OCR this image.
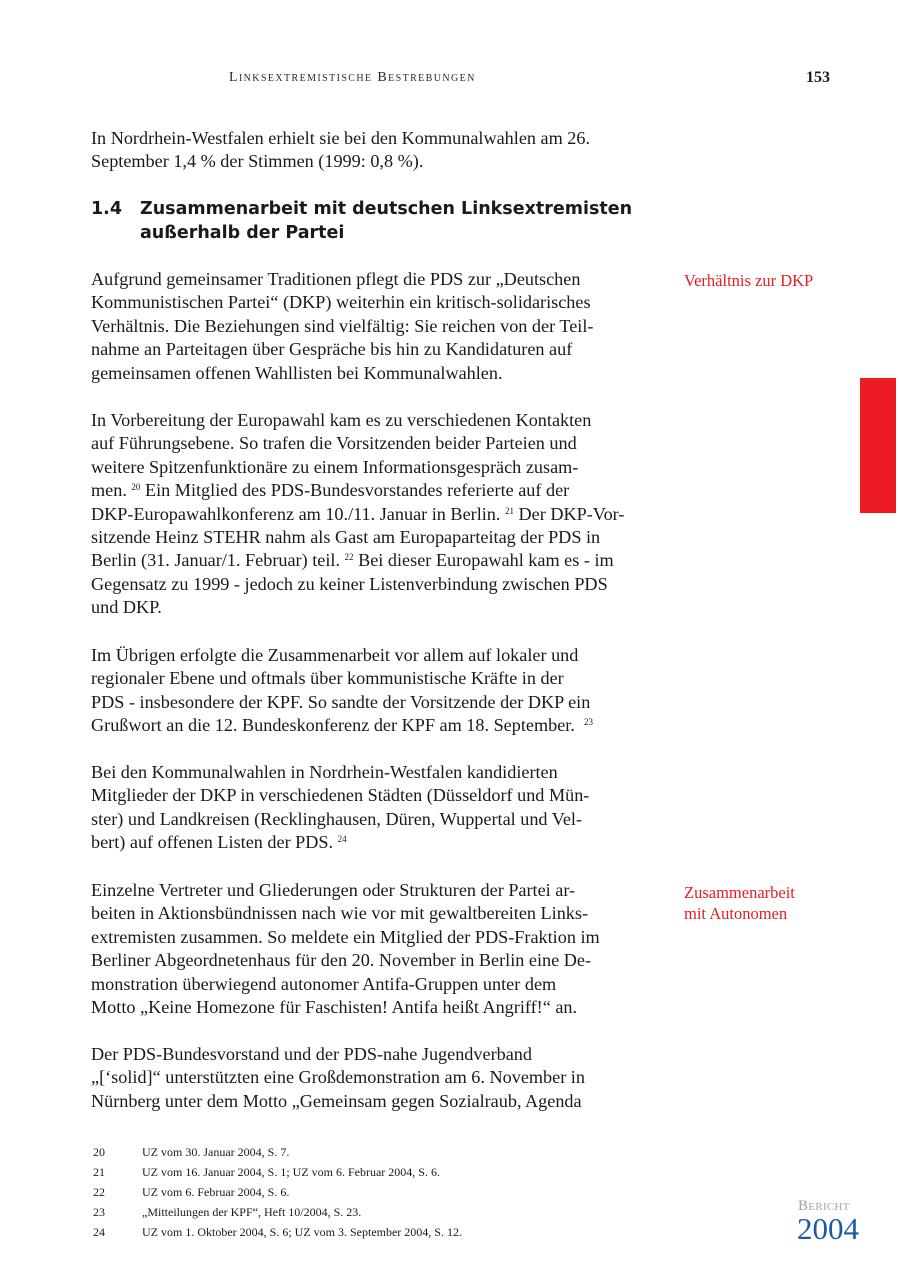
Linksextremistische Bestrebungen	153

In Nordrhein-Westfalen erhielt sie bei den Kommunalwahlen am 26.
September 1,4 % der Stimmen (1999: 0,8 %).

1.4 Zusammenarbeit mit deutschen Linksextremisten
außerhalb der Partei

Aufgrund gemeinsamer Traditionen pflegt die PDS zur „Deutschen
Kommunistischen Partei“ (DKP) weiterhin ein kritisch-solidarisches
Verhältnis. Die Beziehungen sind vielfältig: Sie reichen von der Teil-
nahme an Parteitagen über Gespräche bis hin zu Kandidaturen auf
gemeinsamen offenen Wahllisten bei Kommunalwahlen.

In Vorbereitung der Europawahl kam es zu verschiedenen Kontakten
auf Führungsebene. So trafen die Vorsitzenden beider Parteien und
weitere Spitzenfunktionäre zu einem Informationsgespräch zusam-
men. $^{20}$ Ein Mitglied des PDS-Bundesvorstandes referierte auf der
DKP-Europawahlkonferenz am 10./11. Januar in Berlin. $^{21}$ Der DKP-Vor-
sitzende Heinz STEHR nahm als Gast am Europaparteitag der PDS in
Berlin (31. Januar/1. Februar) teil. $^{22}$ Bei dieser Europawahl kam es - im
Gegensatz zu 1999 - jedoch zu keiner Listenverbindung zwischen PDS
und DKP.

Im Übrigen erfolgte die Zusammenarbeit vor allem auf lokaler und
regionaler Ebene und oftmals über kommunistische Kräfte in der
PDS - insbesondere der KPF. So sandte der Vorsitzende der DKP ein
Grußwort an die 12. Bundeskonferenz der KPF am 18. September. $^{23}$

Bei den Kommunalwahlen in Nordrhein-Westfalen kandidierten
Mitglieder der DKP in verschiedenen Städten (Düsseldorf und Mün-
ster) und Landkreisen (Recklinghausen, Düren, Wuppertal und Vel-
bert) auf offenen Listen der PDS. $^{24}$

Einzelne Vertreter und Gliederungen oder Strukturen der Partei ar-
beiten in Aktionsbündnissen nach wie vor mit gewaltbereiten Links-
extremisten zusammen. So meldete ein Mitglied der PDS-Fraktion im
Berliner Abgeordnetenhaus für den 20. November in Berlin eine De-
monstration überwiegend autonomer Antifa-Gruppen unter dem
Motto „Keine Homezone für Faschisten! Antifa heißt Angriff!“ an.

Der PDS-Bundesvorstand und der PDS-nahe Jugendverband
„[‘solid]“ unterstützten eine Großdemonstration am 6. November in
Nürnberg unter dem Motto „Gemeinsam gegen Sozialraub, Agenda

Verhältnis zur DKP
Zusammenarbeit
mit Autonomen
20	UZ vom 30. Januar 2004, S. 7.
21	UZ vom 16. Januar 2004, S. 1; UZ vom 6. Februar 2004, S. 6.
22	UZ vom 6. Februar 2004, S. 6.
23	„Mitteilungen der KPF“, Heft 10/2004, S. 23.
24	UZ vom 1. Oktober 2004, S. 6; UZ vom 3. September 2004, S. 12.
Bericht
2004
